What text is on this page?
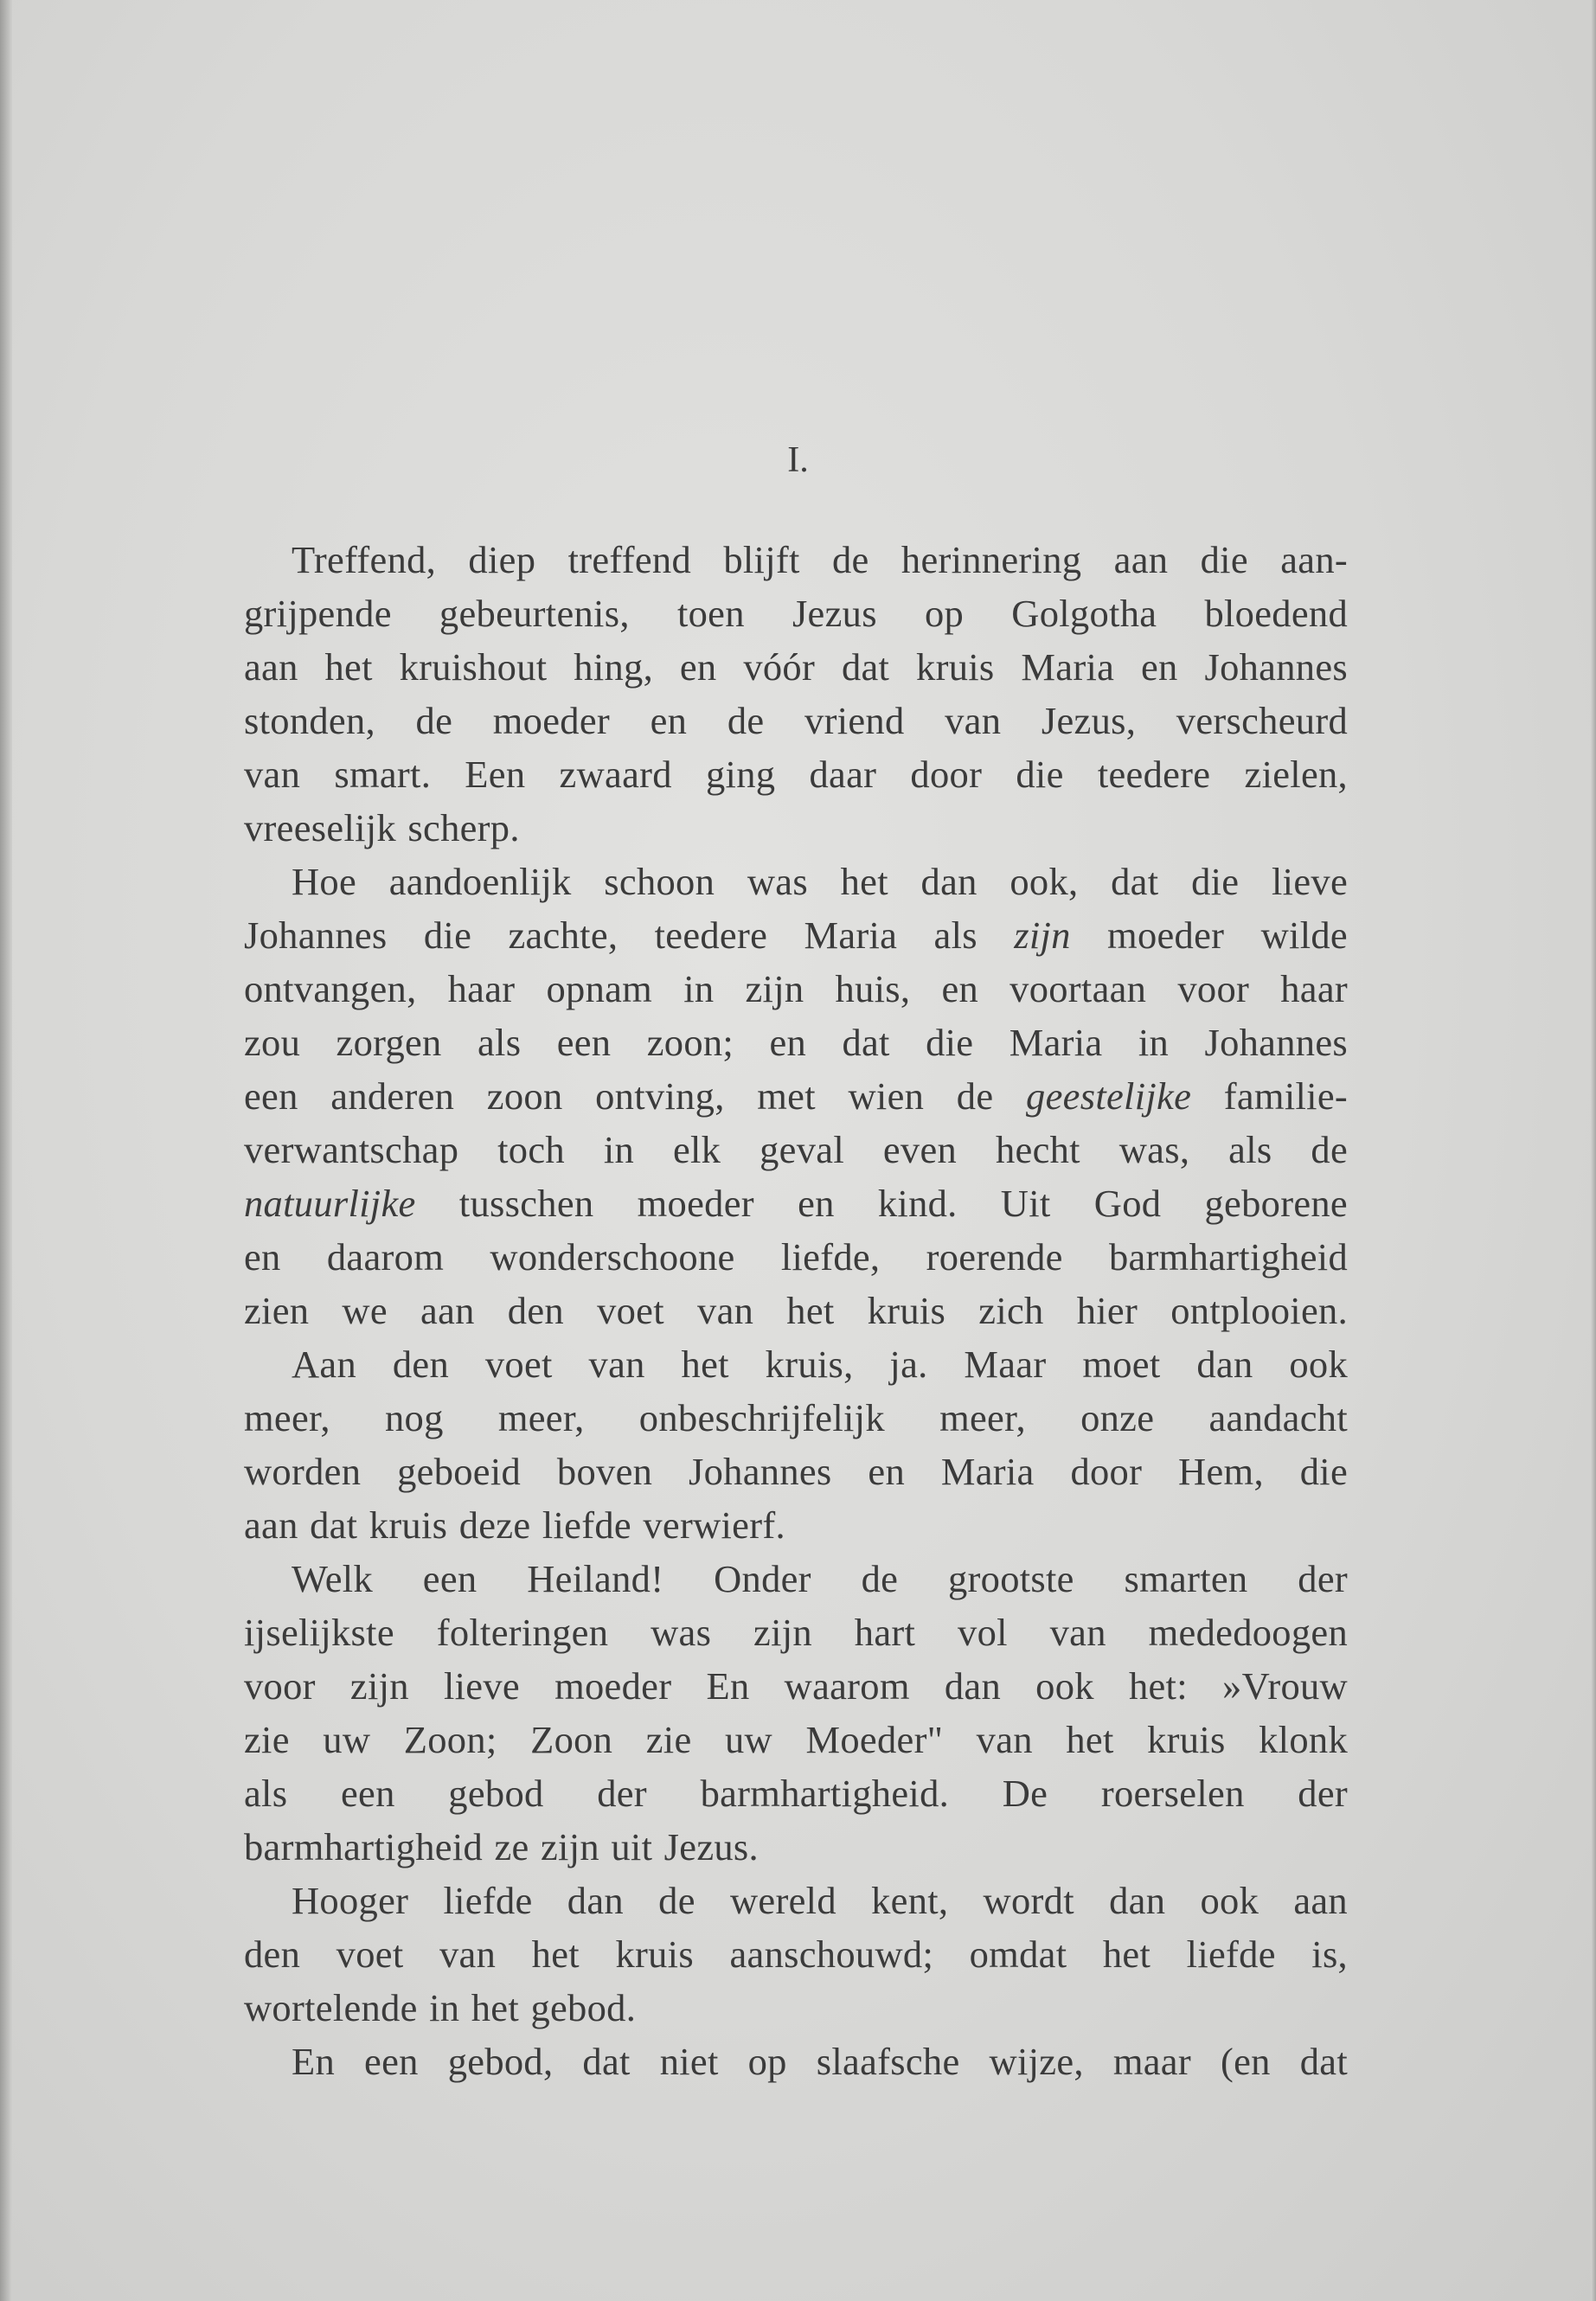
I.
Treffend, diep treffend blijft de herinnering aan die aan-
grijpende gebeurtenis, toen Jezus op Golgotha bloedend
aan het kruishout hing, en vóór dat kruis Maria en Johannes
stonden, de moeder en de vriend van Jezus, verscheurd
van smart. Een zwaard ging daar door die teedere zielen,
vreeselijk scherp.
Hoe aandoenlijk schoon was het dan ook, dat die lieve
Johannes die zachte, teedere Maria als zijn moeder wilde
ontvangen, haar opnam in zijn huis, en voortaan voor haar
zou zorgen als een zoon; en dat die Maria in Johannes
een anderen zoon ontving, met wien de geestelijke familie-
verwantschap toch in elk geval even hecht was, als de
natuurlijke tusschen moeder en kind. Uit God geborene
en daarom wonderschoone liefde, roerende barmhartigheid
zien we aan den voet van het kruis zich hier ontplooien.
Aan den voet van het kruis, ja. Maar moet dan ook
meer, nog meer, onbeschrijfelijk meer, onze aandacht
worden geboeid boven Johannes en Maria door Hem, die
aan dat kruis deze liefde verwierf.
Welk een Heiland! Onder de grootste smarten der
ijselijkste folteringen was zijn hart vol van mededoogen
voor zijn lieve moeder En waarom dan ook het: »Vrouw
zie uw Zoon; Zoon zie uw Moeder" van het kruis klonk
als een gebod der barmhartigheid. De roerselen der
barmhartigheid ze zijn uit Jezus.
Hooger liefde dan de wereld kent, wordt dan ook aan
den voet van het kruis aanschouwd; omdat het liefde is,
wortelende in het gebod.
En een gebod, dat niet op slaafsche wijze, maar (en dat
